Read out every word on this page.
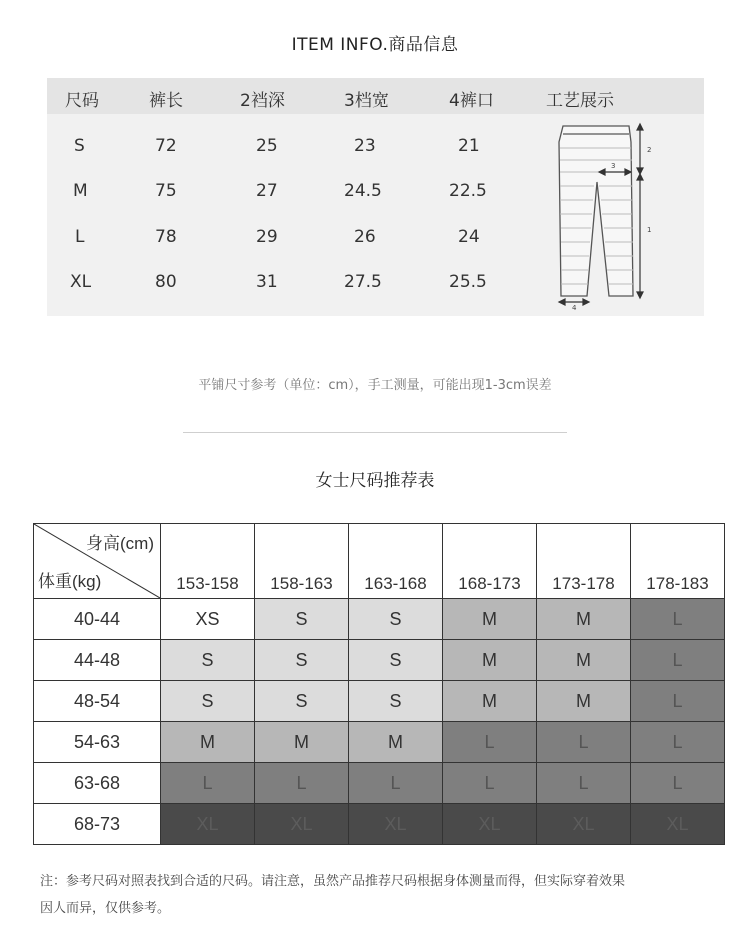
ITEM INFO.商品信息
尺码	裤长	2裆深	3档宽	4裤口	工艺展示
S	72	25	23	21
M	75	27	24.5	22.5
L	78	29	26	24
XL	80	31	27.5	25.5
1
2
3
4
平铺尺寸参考（单位：cm），手工测量，可能出现1-3cm误差
女士尺码推荐表
身高(cm)
体重(kg)	153-158	158-163	163-168	168-173	173-178	178-183
40-44	XS	S	S	M	M	L
44-48	S	S	S	M	M	L
48-54	S	S	S	M	M	L
54-63	M	M	M	L	L	L
63-68	L	L	L	L	L	L
68-73	XL	XL	XL	XL	XL	XL
注：参考尺码对照表找到合适的尺码。请注意，虽然产品推荐尺码根据身体测量而得，但实际穿着效果
因人而异，仅供参考。
